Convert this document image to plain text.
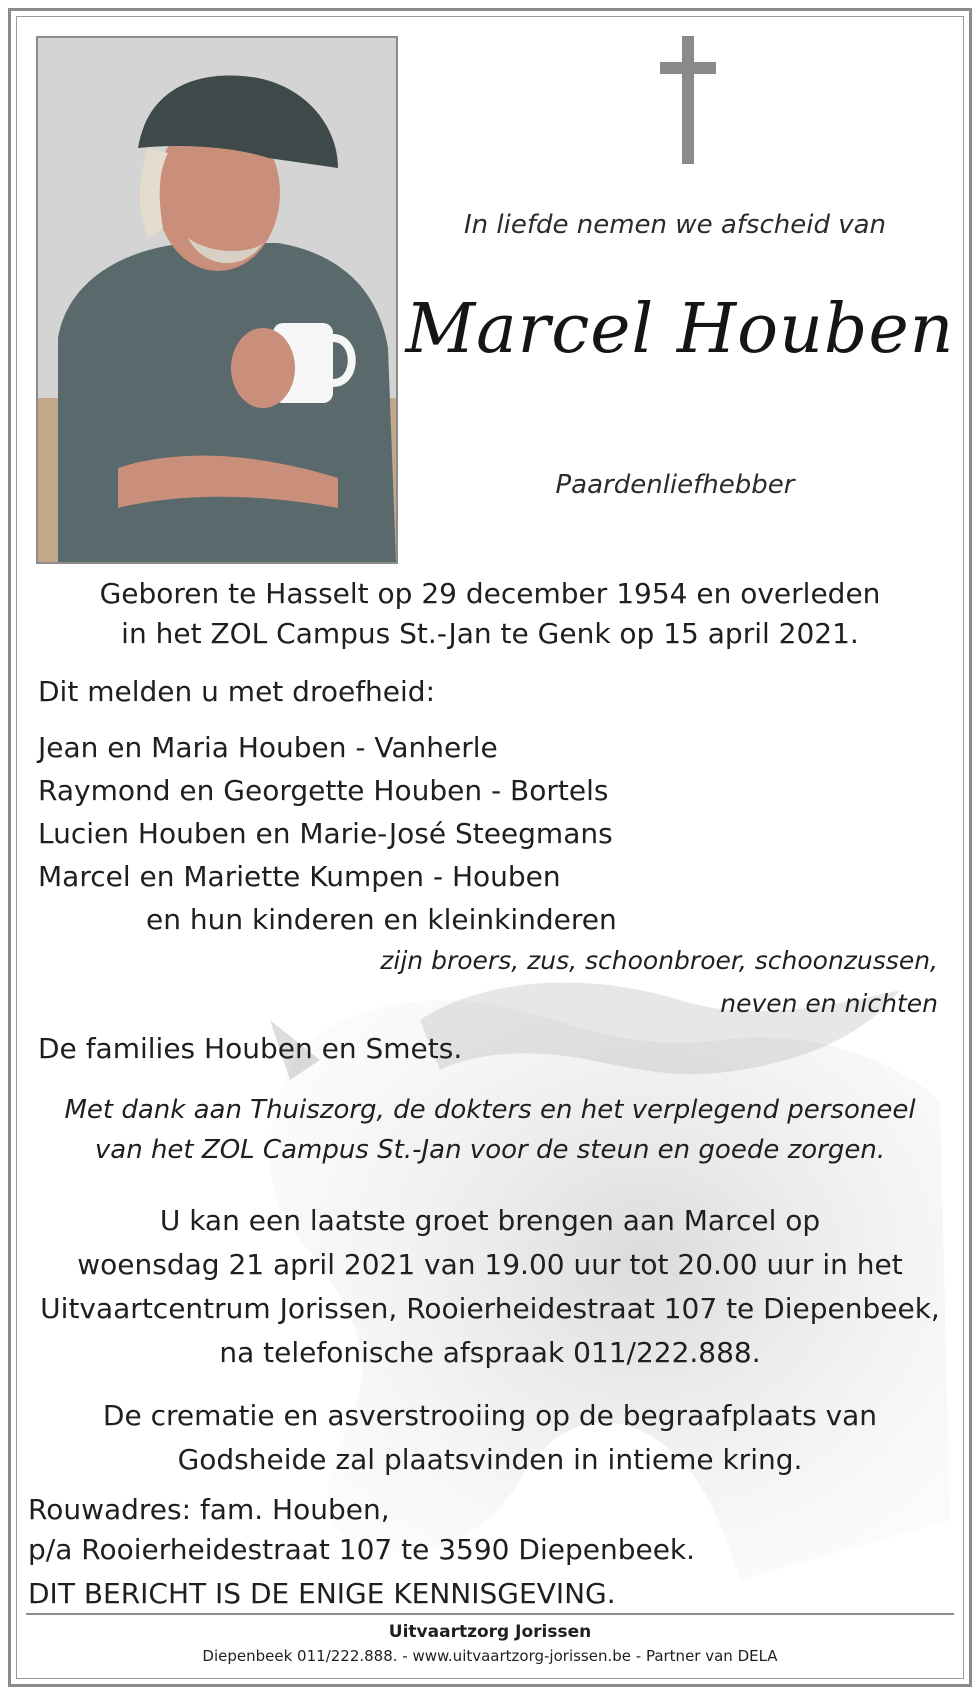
In liefde nemen we afscheid van
Marcel Houben
Paardenliefhebber
Geboren te Hasselt op 29 december 1954 en overleden
in het ZOL Campus St.-Jan te Genk op 15 april 2021.
Dit melden u met droefheid:
Jean en Maria Houben - Vanherle
Raymond en Georgette Houben - Bortels
Lucien Houben en Marie-José Steegmans
Marcel en Mariette Kumpen - Houben
en hun kinderen en kleinkinderen
zijn broers, zus, schoonbroer, schoonzussen,
neven en nichten
De families Houben en Smets.
Met dank aan Thuiszorg, de dokters en het verplegend personeel
van het ZOL Campus St.-Jan voor de steun en goede zorgen.
U kan een laatste groet brengen aan Marcel op
woensdag 21 april 2021 van 19.00 uur tot 20.00 uur in het
Uitvaartcentrum Jorissen, Rooierheidestraat 107 te Diepenbeek,
na telefonische afspraak 011/222.888.
De crematie en asverstrooiing op de begraafplaats van
Godsheide zal plaatsvinden in intieme kring.
Rouwadres: fam. Houben,
p/a Rooierheidestraat 107 te 3590 Diepenbeek.
DIT BERICHT IS DE ENIGE KENNISGEVING.
Uitvaartzorg Jorissen
Diepenbeek 011/222.888. - www.uitvaartzorg-jorissen.be - Partner van DELA
